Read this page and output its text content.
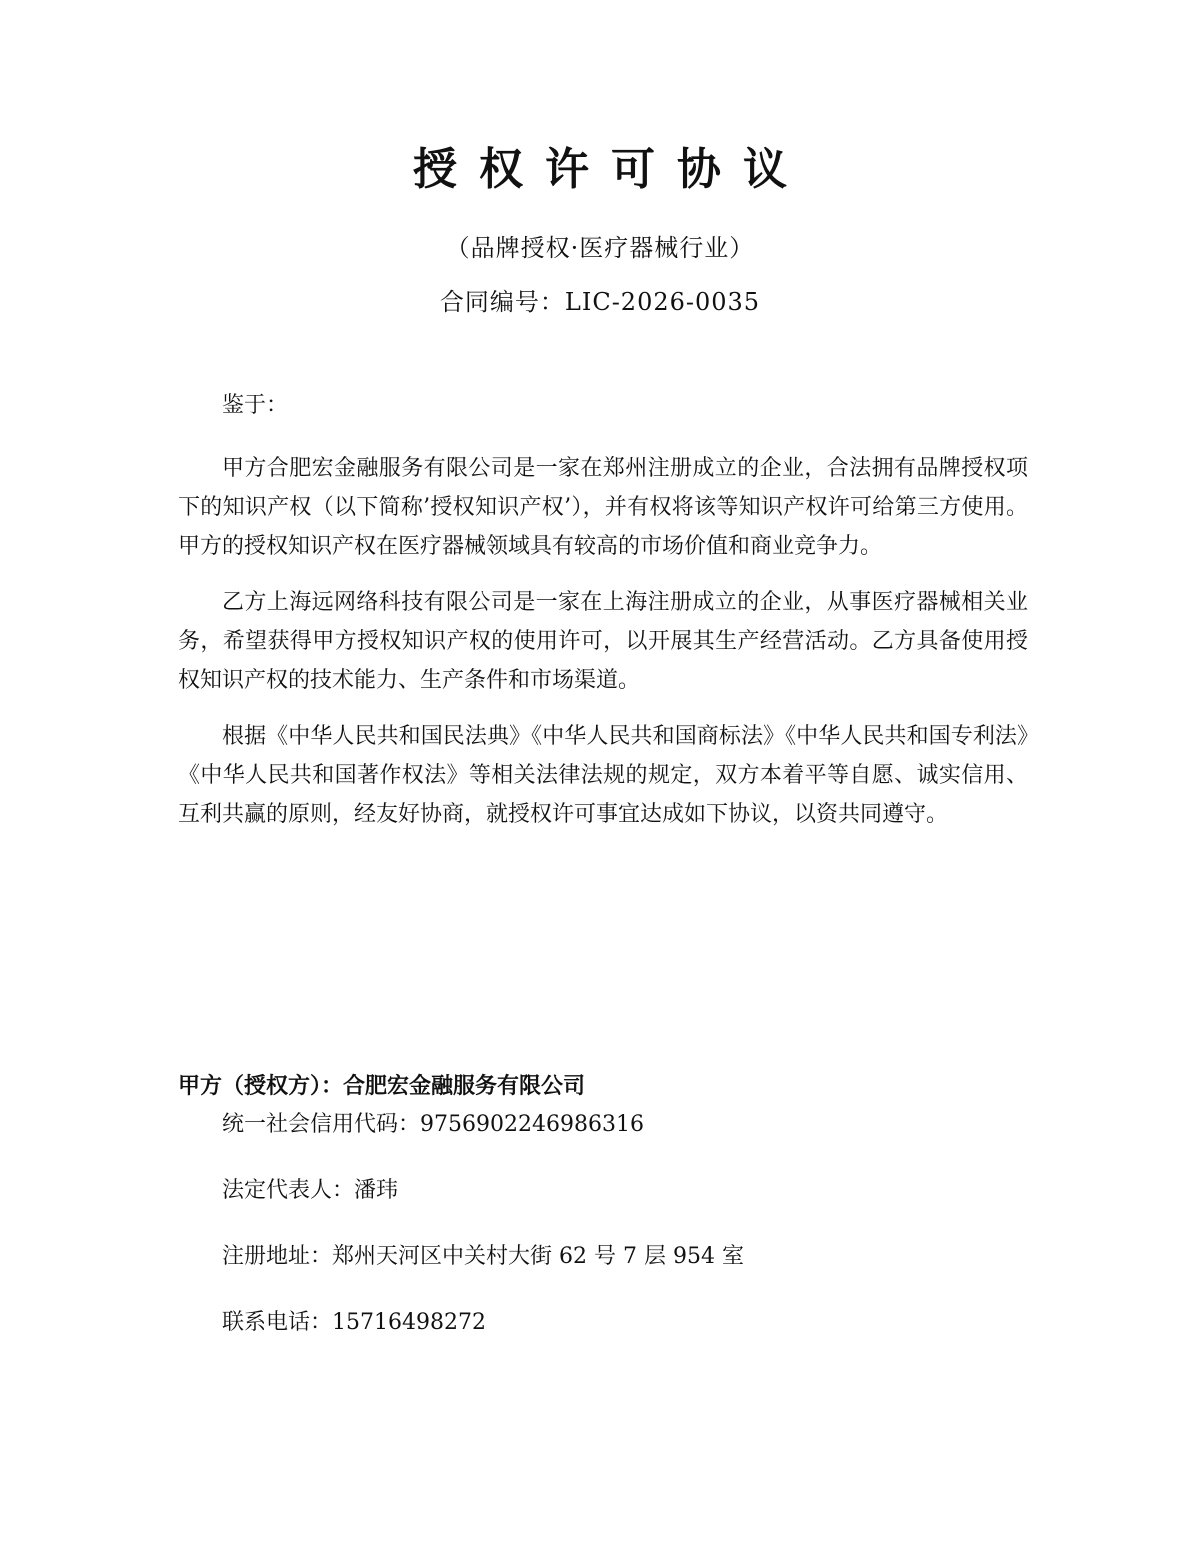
授权许可协议
（品牌授权·医疗器械行业）
合同编号：LIC-2026-0035

鉴于：

甲方合肥宏金融服务有限公司是一家在郑州注册成立的企业，合法拥有品牌授权项下的知识产权（以下简称’授权知识产权’），并有权将该等知识产权许可给第三方使用。甲方的授权知识产权在医疗器械领域具有较高的市场价值和商业竞争力。

乙方上海远网络科技有限公司是一家在上海注册成立的企业，从事医疗器械相关业务，希望获得甲方授权知识产权的使用许可，以开展其生产经营活动。乙方具备使用授权知识产权的技术能力、生产条件和市场渠道。

根据《中华人民共和国民法典》《中华人民共和国商标法》《中华人民共和国专利法》《中华人民共和国著作权法》等相关法律法规的规定，双方本着平等自愿、诚实信用、互利共赢的原则，经友好协商，就授权许可事宜达成如下协议，以资共同遵守。

甲方（授权方）：合肥宏金融服务有限公司

统一社会信用代码：9756902246986316

法定代表人：潘玮

注册地址：郑州天河区中关村大街 62 号 7 层 954 室

联系电话：15716498272
